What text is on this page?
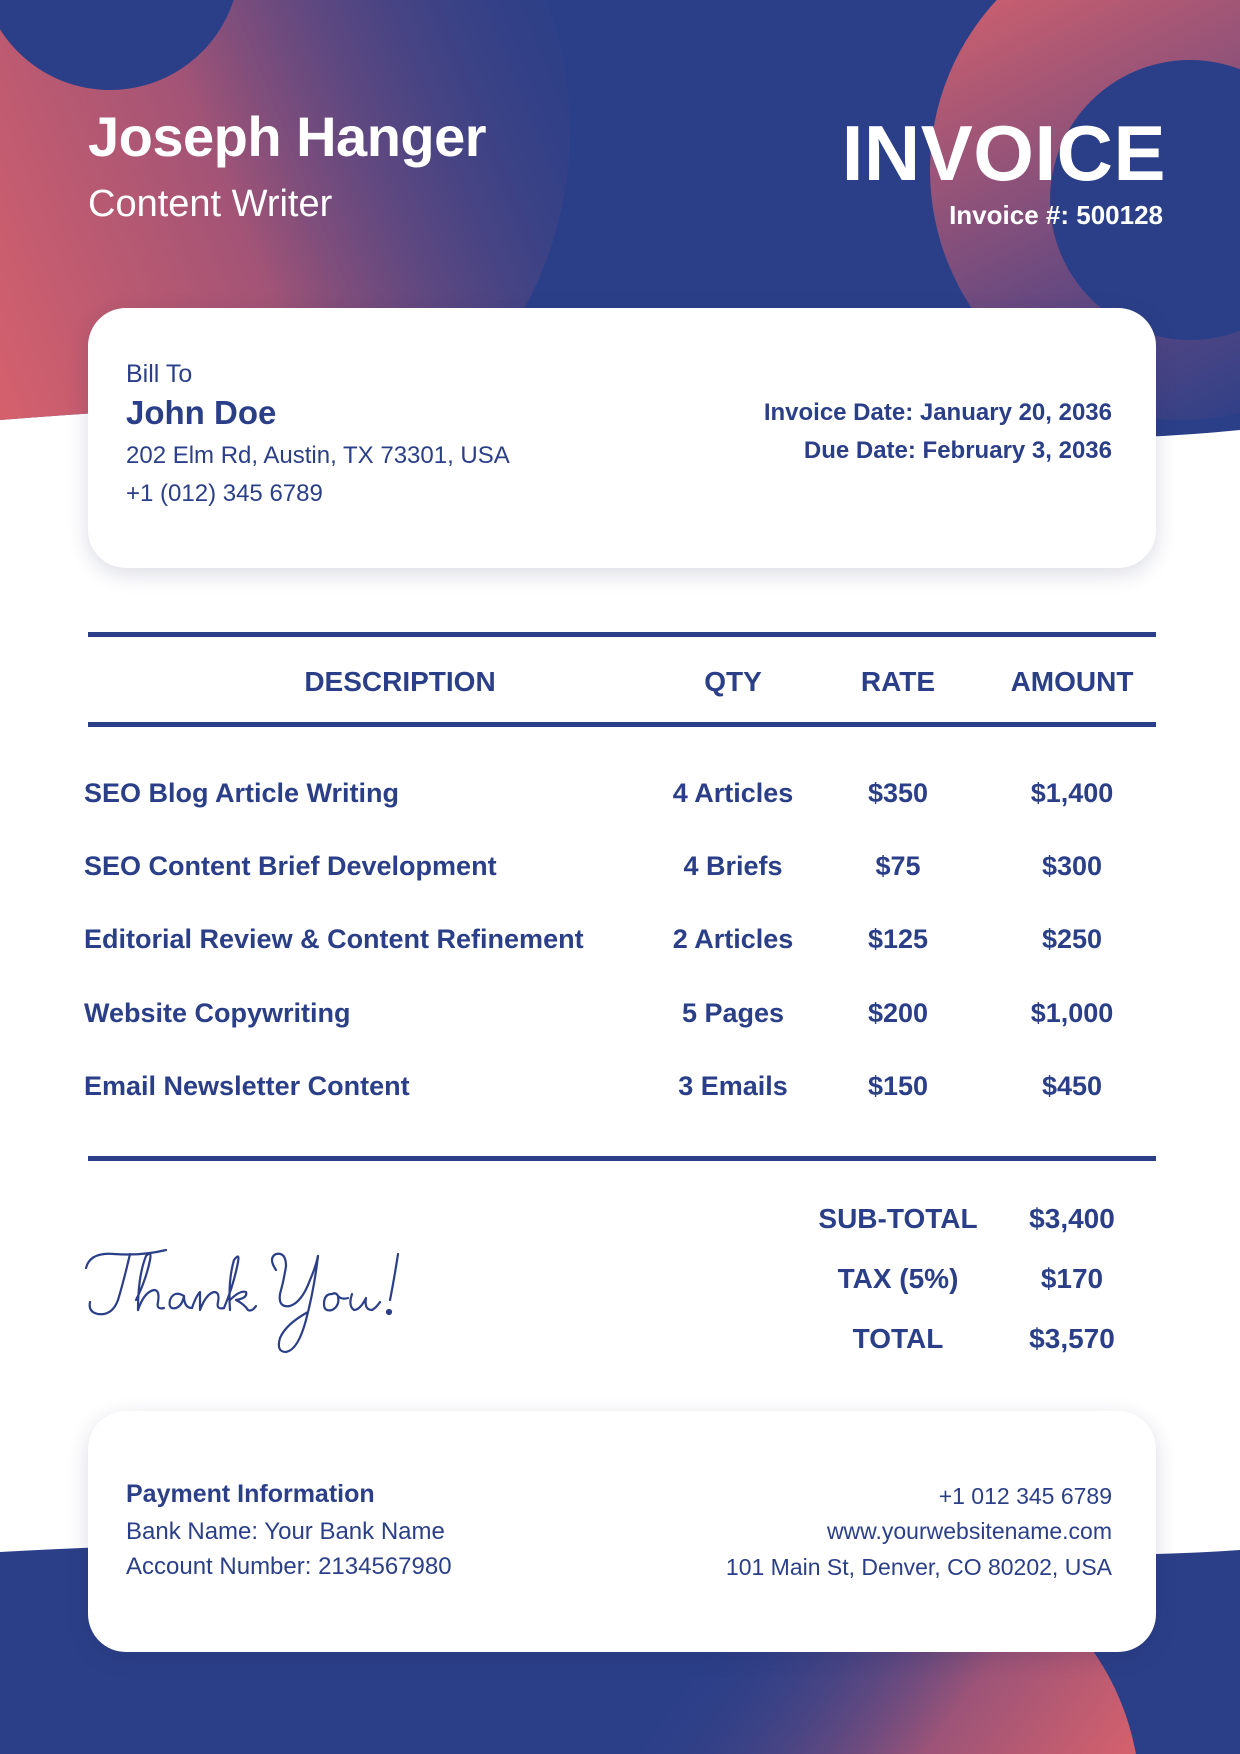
Joseph Hanger
Content Writer
INVOICE
Invoice #: 500128
Bill To
John Doe
202 Elm Rd, Austin, TX 73301, USA
+1 (012) 345 6789
Invoice Date: January 20, 2036
Due Date: February 3, 2036
DESCRIPTION	QTY	RATE	AMOUNT
SEO Blog Article Writing	4 Articles	$350	$1,400
SEO Content Brief Development	4 Briefs	$75	$300
Editorial Review & Content Refinement	2 Articles	$125	$250
Website Copywriting	5 Pages	$200	$1,000
Email Newsletter Content	3 Emails	$150	$450
SUB-TOTAL	$3,400
TAX (5%)	$170
TOTAL	$3,570
Payment Information
Bank Name: Your Bank Name
Account Number: 2134567980
+1 012 345 6789
www.yourwebsitename.com
101 Main St, Denver, CO 80202, USA
